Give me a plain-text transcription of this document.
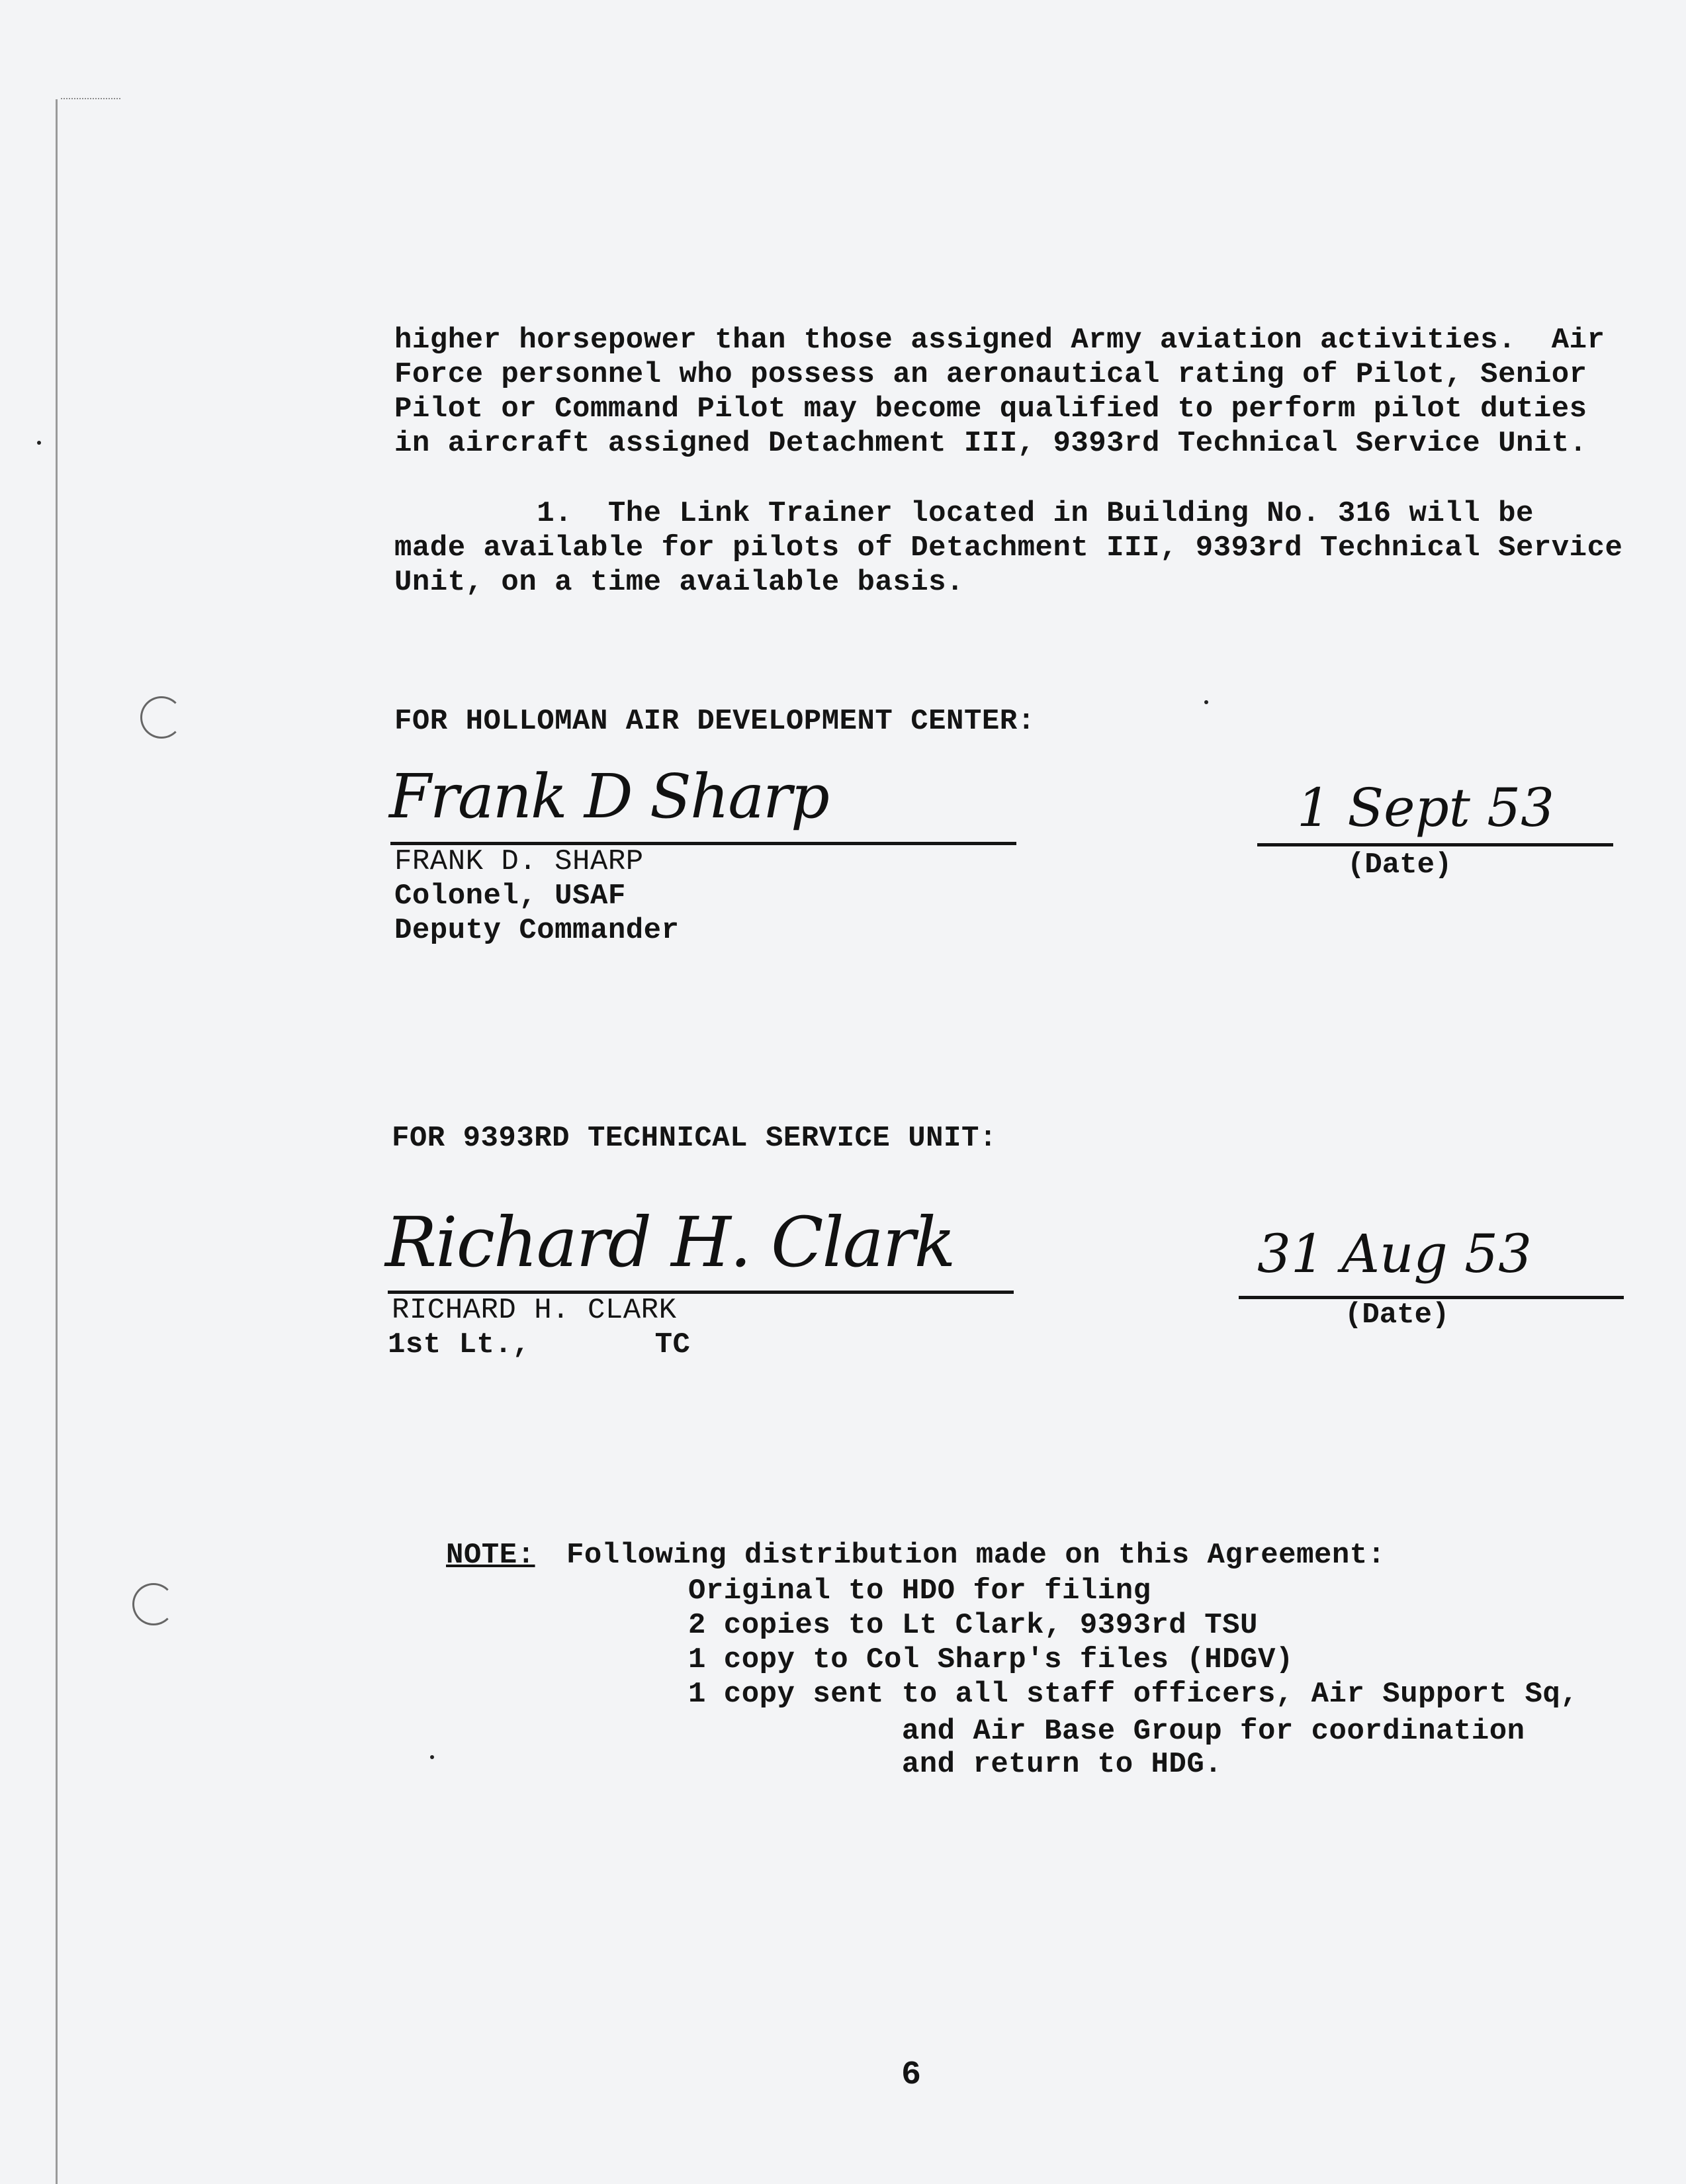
higher horsepower than those assigned Army aviation activities.  Air
Force personnel who possess an aeronautical rating of Pilot, Senior
Pilot or Command Pilot may become qualified to perform pilot duties
in aircraft assigned Detachment III, 9393rd Technical Service Unit.
1.  The Link Trainer located in Building No. 316 will be
made available for pilots of Detachment III, 9393rd Technical Service
Unit, on a time available basis.
FOR HOLLOMAN AIR DEVELOPMENT CENTER:
Frank D Sharp
FRANK D. SHARP
Colonel, USAF
Deputy Commander
1 Sept 53
(Date)
FOR 9393RD TECHNICAL SERVICE UNIT:
Richard H. Clark
RICHARD H. CLARK
1st Lt.,       TC
31 Aug 53
(Date)
NOTE: Following distribution made on this Agreement:
Original to HDO for filing
2 copies to Lt Clark, 9393rd TSU
1 copy to Col Sharp's files (HDGV)
1 copy sent to all staff officers, Air Support Sq,
and Air Base Group for coordination
and return to HDG.
6
